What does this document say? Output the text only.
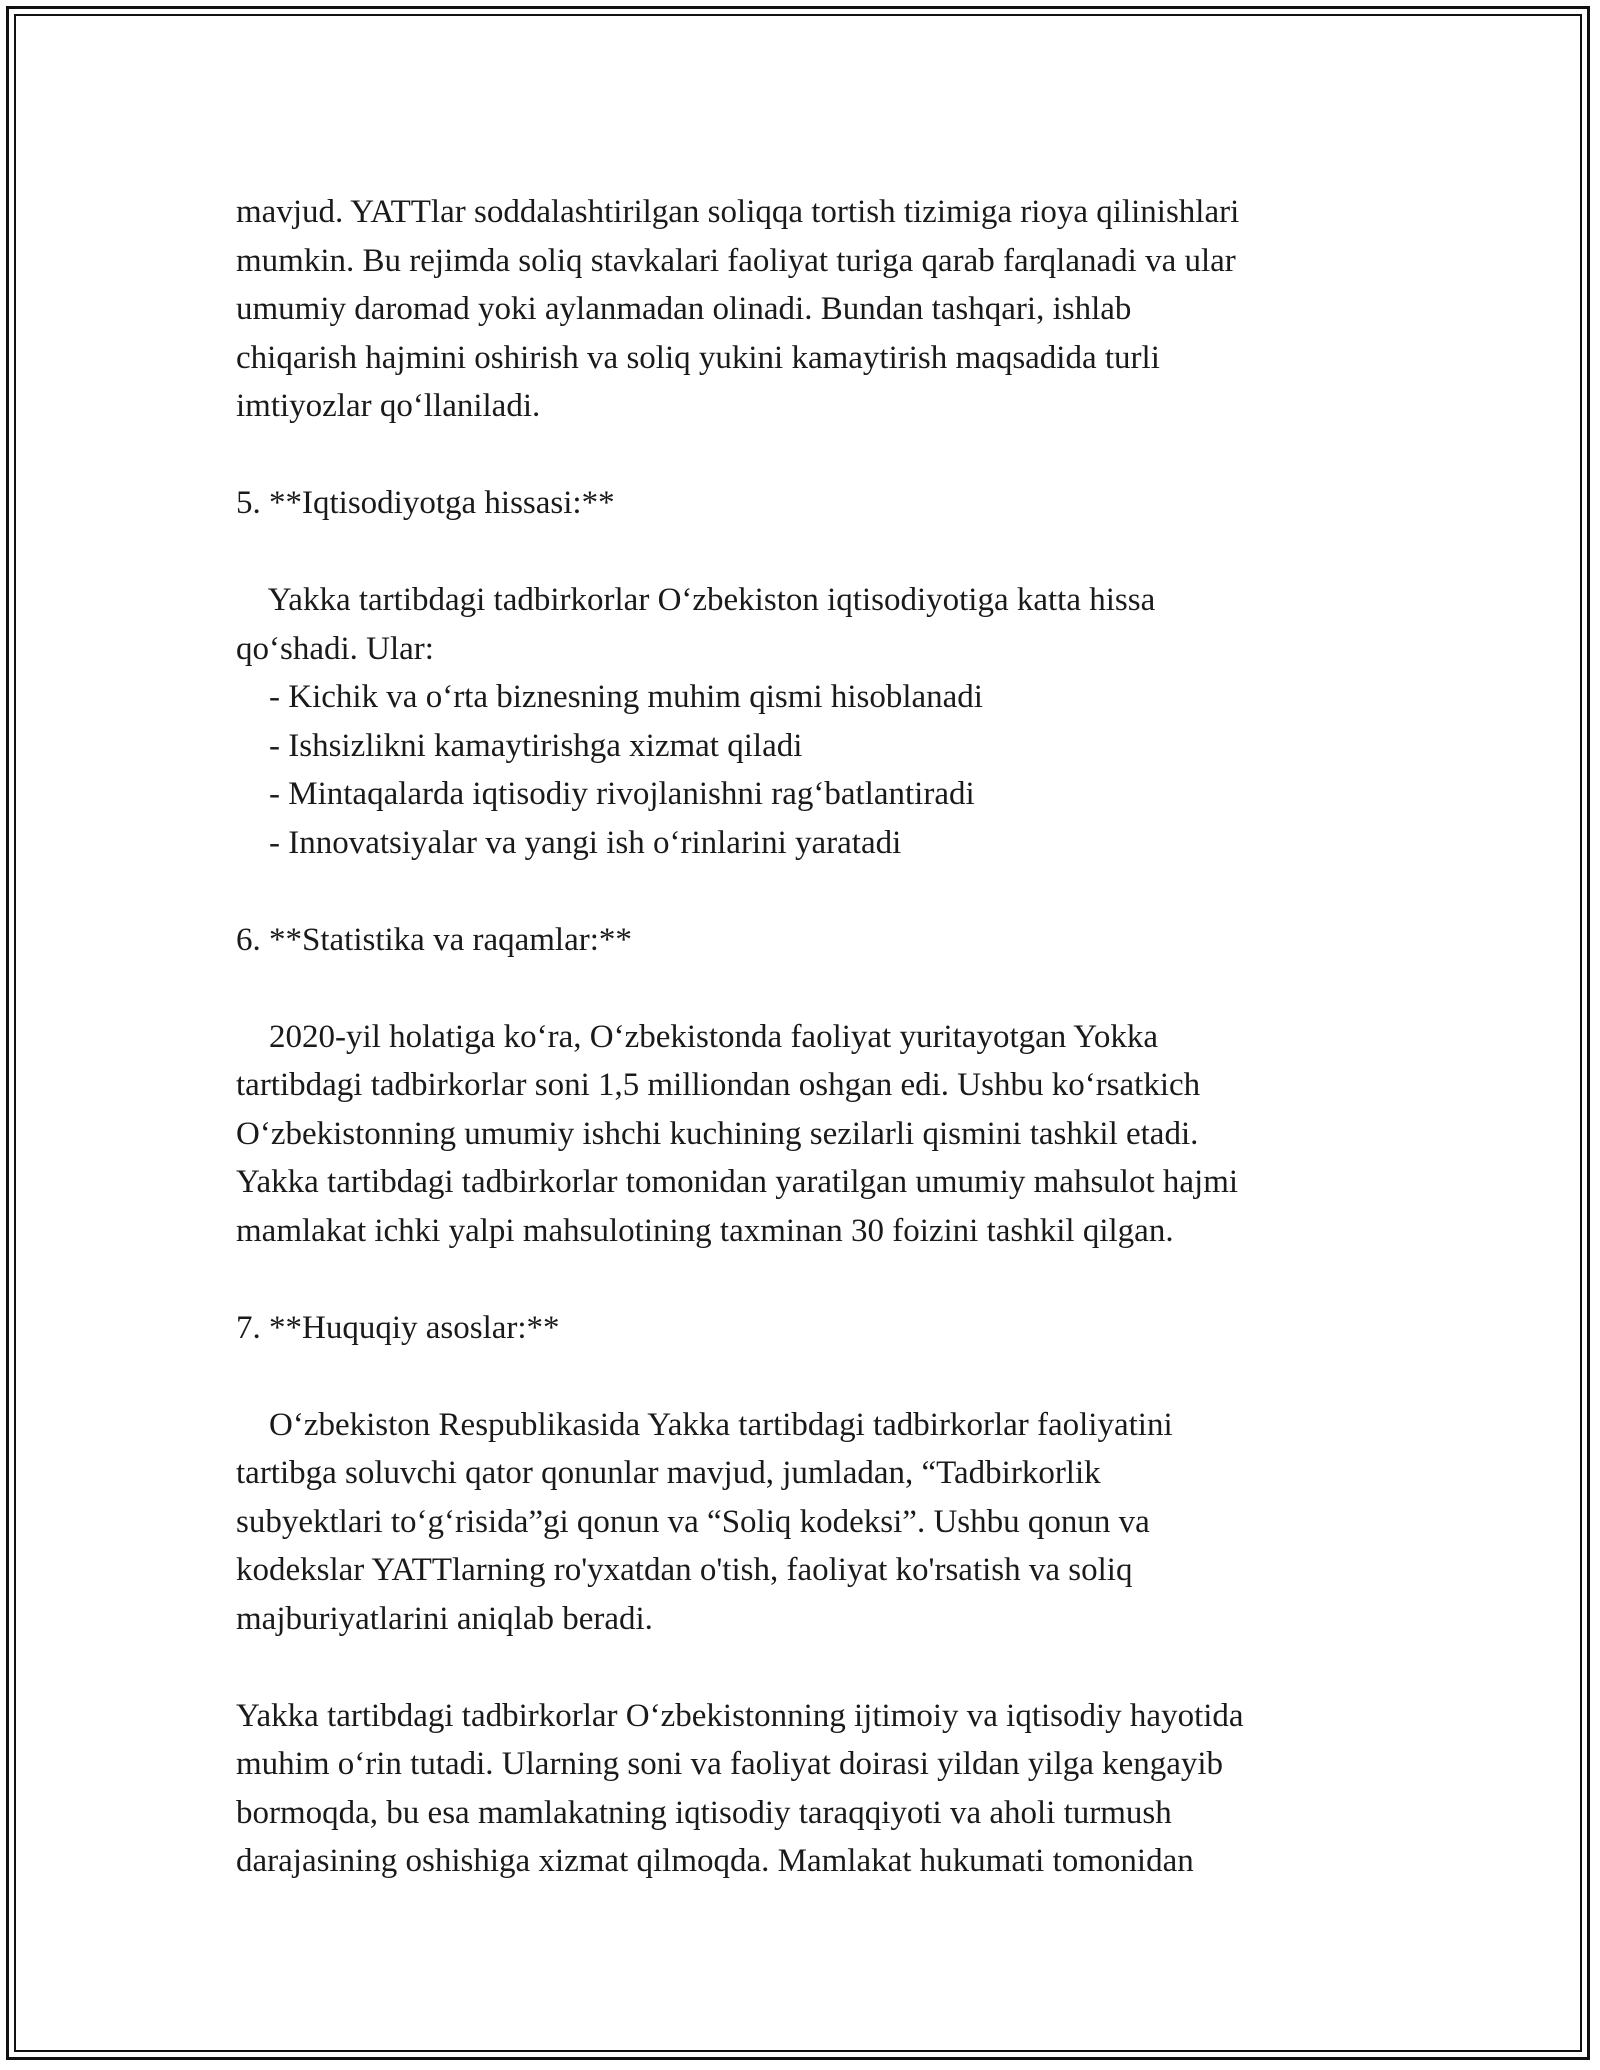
mavjud. YATTlar soddalashtirilgan soliqqa tortish tizimiga rioya qilinishlari
mumkin. Bu rejimda soliq stavkalari faoliyat turiga qarab farqlanadi va ular
umumiy daromad yoki aylanmadan olinadi. Bundan tashqari, ishlab
chiqarish hajmini oshirish va soliq yukini kamaytirish maqsadida turli
imtiyozlar qo‘llaniladi.
5. **Iqtisodiyotga hissasi:**
Yakka tartibdagi tadbirkorlar O‘zbekiston iqtisodiyotiga katta hissa
qo‘shadi. Ular:
- Kichik va o‘rta biznesning muhim qismi hisoblanadi
- Ishsizlikni kamaytirishga xizmat qiladi
- Mintaqalarda iqtisodiy rivojlanishni rag‘batlantiradi
- Innovatsiyalar va yangi ish o‘rinlarini yaratadi
6. **Statistika va raqamlar:**
2020-yil holatiga ko‘ra, O‘zbekistonda faoliyat yuritayotgan Yokka
tartibdagi tadbirkorlar soni 1,5 milliondan oshgan edi. Ushbu ko‘rsatkich
O‘zbekistonning umumiy ishchi kuchining sezilarli qismini tashkil etadi.
Yakka tartibdagi tadbirkorlar tomonidan yaratilgan umumiy mahsulot hajmi
mamlakat ichki yalpi mahsulotining taxminan 30 foizini tashkil qilgan.
7. **Huquqiy asoslar:**
O‘zbekiston Respublikasida Yakka tartibdagi tadbirkorlar faoliyatini
tartibga soluvchi qator qonunlar mavjud, jumladan, “Tadbirkorlik
subyektlari to‘g‘risida”gi qonun va “Soliq kodeksi”. Ushbu qonun va
kodekslar YATTlarning ro'yxatdan o'tish, faoliyat ko'rsatish va soliq
majburiyatlarini aniqlab beradi.
Yakka tartibdagi tadbirkorlar O‘zbekistonning ijtimoiy va iqtisodiy hayotida
muhim o‘rin tutadi. Ularning soni va faoliyat doirasi yildan yilga kengayib
bormoqda, bu esa mamlakatning iqtisodiy taraqqiyoti va aholi turmush
darajasining oshishiga xizmat qilmoqda. Mamlakat hukumati tomonidan
